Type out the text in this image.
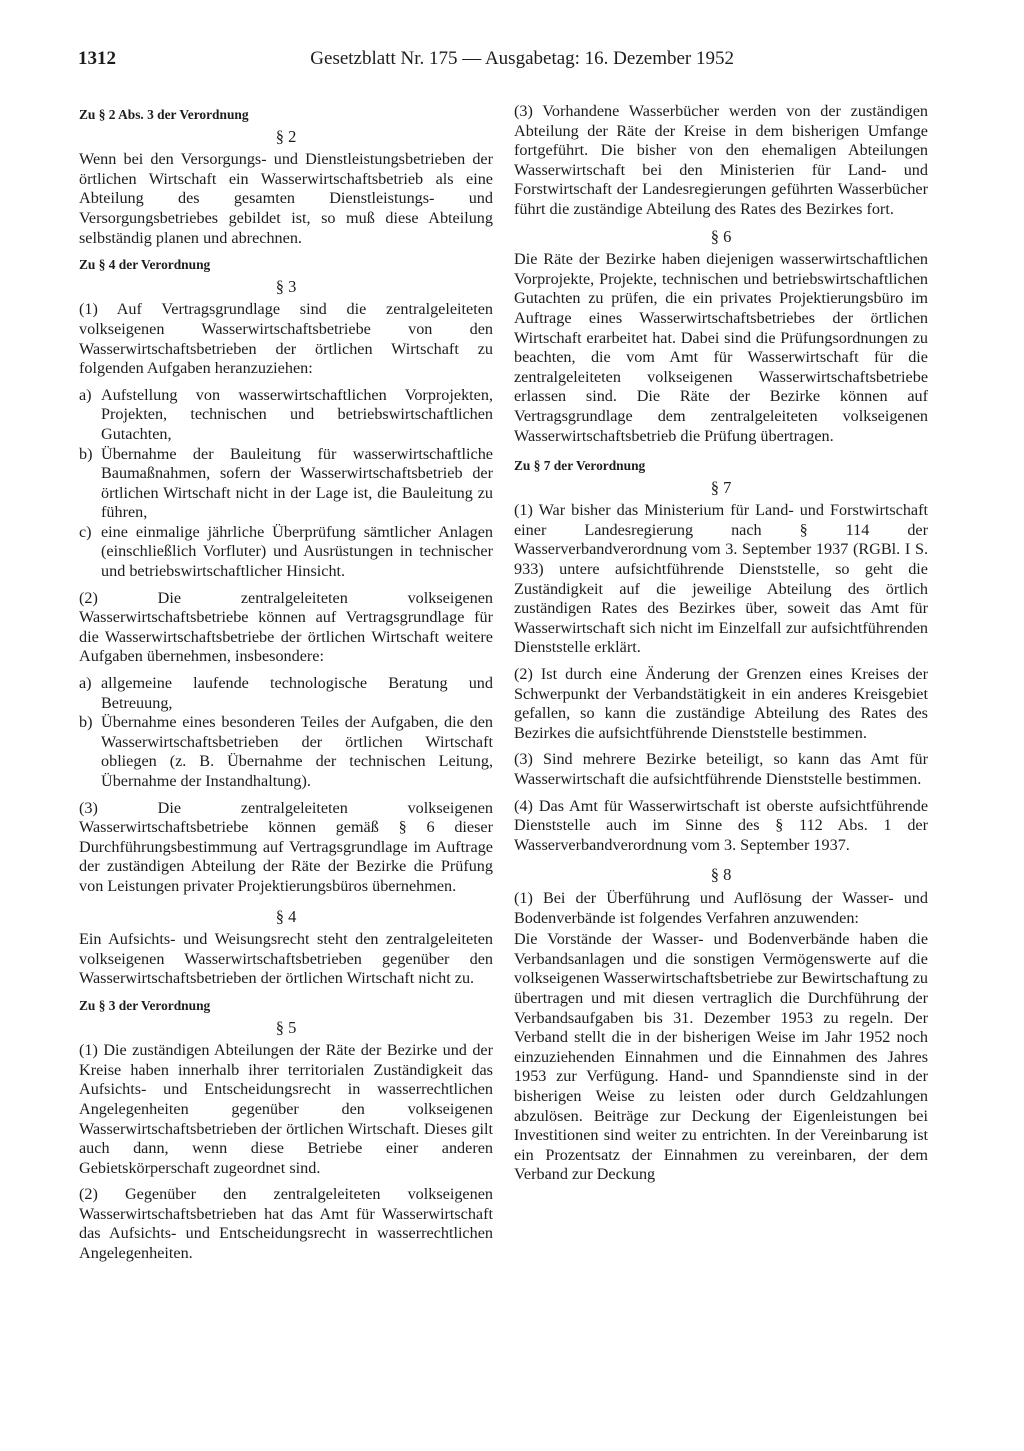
1312	Gesetzblatt Nr. 175 — Ausgabetag: 16. Dezember 1952
Zu § 2 Abs. 3 der Verordnung
§ 2

Wenn bei den Versorgungs- und Dienstleistungsbetrieben der örtlichen Wirtschaft ein Wasserwirtschaftsbetrieb als eine Abteilung des gesamten Dienstleistungs- und Versorgungsbetriebes gebildet ist, so muß diese Abteilung selbständig planen und abrechnen.

Zu § 4 der Verordnung
§ 3

(1) Auf Vertragsgrundlage sind die zentralgeleiteten volkseigenen Wasserwirtschaftsbetriebe von den Wasserwirtschaftsbetrieben der örtlichen Wirtschaft zu folgenden Aufgaben heranzuziehen:

a) Aufstellung von wasserwirtschaftlichen Vorprojekten, Projekten, technischen und betriebswirtschaftlichen Gutachten,
b) Übernahme der Bauleitung für wasserwirtschaftliche Baumaßnahmen, sofern der Wasserwirtschaftsbetrieb der örtlichen Wirtschaft nicht in der Lage ist, die Bauleitung zu führen,
c) eine einmalige jährliche Überprüfung sämtlicher Anlagen (einschließlich Vorfluter) und Ausrüstungen in technischer und betriebswirtschaftlicher Hinsicht.

(2) Die zentralgeleiteten volkseigenen Wasserwirtschaftsbetriebe können auf Vertragsgrundlage für die Wasserwirtschaftsbetriebe der örtlichen Wirtschaft weitere Aufgaben übernehmen, insbesondere:

a) allgemeine laufende technologische Beratung und Betreuung,
b) Übernahme eines besonderen Teiles der Aufgaben, die den Wasserwirtschaftsbetrieben der örtlichen Wirtschaft obliegen (z. B. Übernahme der technischen Leitung, Übernahme der Instandhaltung).

(3) Die zentralgeleiteten volkseigenen Wasserwirtschaftsbetriebe können gemäß § 6 dieser Durchführungsbestimmung auf Vertragsgrundlage im Auftrage der zuständigen Abteilung der Räte der Bezirke die Prüfung von Leistungen privater Projektierungsbüros übernehmen.

§ 4

Ein Aufsichts- und Weisungsrecht steht den zentralgeleiteten volkseigenen Wasserwirtschaftsbetrieben gegenüber den Wasserwirtschaftsbetrieben der örtlichen Wirtschaft nicht zu.

Zu § 3 der Verordnung
§ 5

(1) Die zuständigen Abteilungen der Räte der Bezirke und der Kreise haben innerhalb ihrer territorialen Zuständigkeit das Aufsichts- und Entscheidungsrecht in wasserrechtlichen Angelegenheiten gegenüber den volkseigenen Wasserwirtschaftsbetrieben der örtlichen Wirtschaft. Dieses gilt auch dann, wenn diese Betriebe einer anderen Gebietskörperschaft zugeordnet sind.

(2) Gegenüber den zentralgeleiteten volkseigenen Wasserwirtschaftsbetrieben hat das Amt für Wasserwirtschaft das Aufsichts- und Entscheidungsrecht in wasserrechtlichen Angelegenheiten.

(3) Vorhandene Wasserbücher werden von der zuständigen Abteilung der Räte der Kreise in dem bisherigen Umfange fortgeführt. Die bisher von den ehemaligen Abteilungen Wasserwirtschaft bei den Ministerien für Land- und Forstwirtschaft der Landesregierungen geführten Wasserbücher führt die zuständige Abteilung des Rates des Bezirkes fort.

§ 6

Die Räte der Bezirke haben diejenigen wasserwirtschaftlichen Vorprojekte, Projekte, technischen und betriebswirtschaftlichen Gutachten zu prüfen, die ein privates Projektierungsbüro im Auftrage eines Wasserwirtschaftsbetriebes der örtlichen Wirtschaft erarbeitet hat. Dabei sind die Prüfungsordnungen zu beachten, die vom Amt für Wasserwirtschaft für die zentralgeleiteten volkseigenen Wasserwirtschaftsbetriebe erlassen sind. Die Räte der Bezirke können auf Vertragsgrundlage dem zentralgeleiteten volkseigenen Wasserwirtschaftsbetrieb die Prüfung übertragen.

Zu § 7 der Verordnung
§ 7

(1) War bisher das Ministerium für Land- und Forstwirtschaft einer Landesregierung nach § 114 der Wasserverbandverordnung vom 3. September 1937 (RGBl. I S. 933) untere aufsichtführende Dienststelle, so geht die Zuständigkeit auf die jeweilige Abteilung des örtlich zuständigen Rates des Bezirkes über, soweit das Amt für Wasserwirtschaft sich nicht im Einzelfall zur aufsichtführenden Dienststelle erklärt.

(2) Ist durch eine Änderung der Grenzen eines Kreises der Schwerpunkt der Verbandstätigkeit in ein anderes Kreisgebiet gefallen, so kann die zuständige Abteilung des Rates des Bezirkes die aufsichtführende Dienststelle bestimmen.

(3) Sind mehrere Bezirke beteiligt, so kann das Amt für Wasserwirtschaft die aufsichtführende Dienststelle bestimmen.

(4) Das Amt für Wasserwirtschaft ist oberste aufsichtführende Dienststelle auch im Sinne des § 112 Abs. 1 der Wasserverbandverordnung vom 3. September 1937.

§ 8

(1) Bei der Überführung und Auflösung der Wasser- und Bodenverbände ist folgendes Verfahren anzuwenden:

Die Vorstände der Wasser- und Bodenverbände haben die Verbandsanlagen und die sonstigen Vermögenswerte auf die volkseigenen Wasserwirtschaftsbetriebe zur Bewirtschaftung zu übertragen und mit diesen vertraglich die Durchführung der Verbandsaufgaben bis 31. Dezember 1953 zu regeln. Der Verband stellt die in der bisherigen Weise im Jahr 1952 noch einzuziehenden Einnahmen und die Einnahmen des Jahres 1953 zur Verfügung. Hand- und Spanndienste sind in der bisherigen Weise zu leisten oder durch Geldzahlungen abzulösen. Beiträge zur Deckung der Eigenleistungen bei Investitionen sind weiter zu entrichten. In der Vereinbarung ist ein Prozentsatz der Einnahmen zu vereinbaren, der dem Verband zur Deckung
